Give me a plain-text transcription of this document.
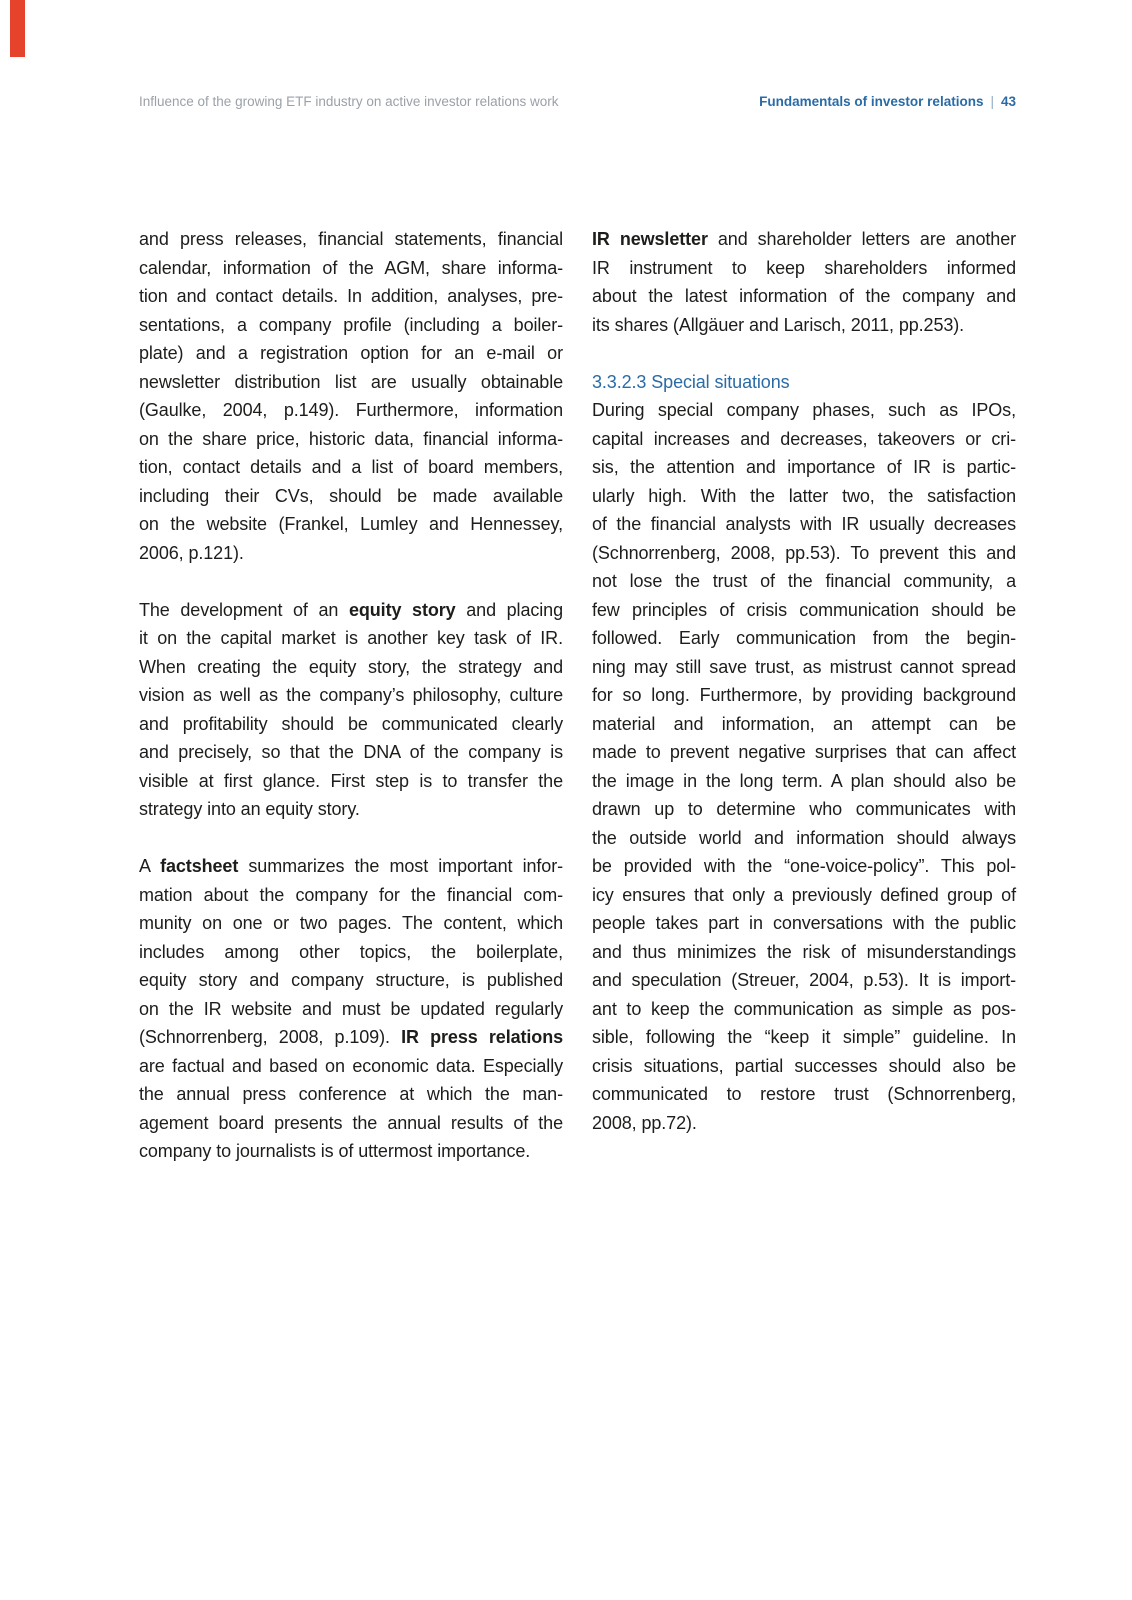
Influence of the growing ETF industry on active investor relations work	Fundamentals of investor relations | 43
and press releases, financial statements, financial
calendar, information of the AGM, share informa-
tion and contact details. In addition, analyses, pre-
sentations, a company profile (including a boiler-
plate) and a registration option for an e-mail or
newsletter distribution list are usually obtainable
(Gaulke, 2004, p.149). Furthermore, information
on the share price, historic data, financial informa-
tion, contact details and a list of board members,
including their CVs, should be made available
on the website (Frankel, Lumley and Hennessey,
2006, p.121).
The development of an equity story and placing
it on the capital market is another key task of IR.
When creating the equity story, the strategy and
vision as well as the company’s philosophy, culture
and profitability should be communicated clearly
and precisely, so that the DNA of the company is
visible at first glance. First step is to transfer the
strategy into an equity story.
A factsheet summarizes the most important infor-
mation about the company for the financial com-
munity on one or two pages. The content, which
includes among other topics, the boilerplate,
equity story and company structure, is published
on the IR website and must be updated regularly
(Schnorrenberg, 2008, p.109). IR press relations
are factual and based on economic data. Especially
the annual press conference at which the man-
agement board presents the annual results of the
company to journalists is of uttermost importance.
IR newsletter and shareholder letters are another
IR instrument to keep shareholders informed
about the latest information of the company and
its shares (Allgäuer and Larisch, 2011, pp.253).
3.3.2.3 Special situations
During special company phases, such as IPOs,
capital increases and decreases, takeovers or cri-
sis, the attention and importance of IR is partic-
ularly high. With the latter two, the satisfaction
of the financial analysts with IR usually decreases
(Schnorrenberg, 2008, pp.53). To prevent this and
not lose the trust of the financial community, a
few principles of crisis communication should be
followed. Early communication from the begin-
ning may still save trust, as mistrust cannot spread
for so long. Furthermore, by providing background
material and information, an attempt can be
made to prevent negative surprises that can affect
the image in the long term. A plan should also be
drawn up to determine who communicates with
the outside world and information should always
be provided with the “one-voice-policy”. This pol-
icy ensures that only a previously defined group of
people takes part in conversations with the public
and thus minimizes the risk of misunderstandings
and speculation (Streuer, 2004, p.53). It is import-
ant to keep the communication as simple as pos-
sible, following the “keep it simple” guideline. In
crisis situations, partial successes should also be
communicated to restore trust (Schnorrenberg,
2008, pp.72).
